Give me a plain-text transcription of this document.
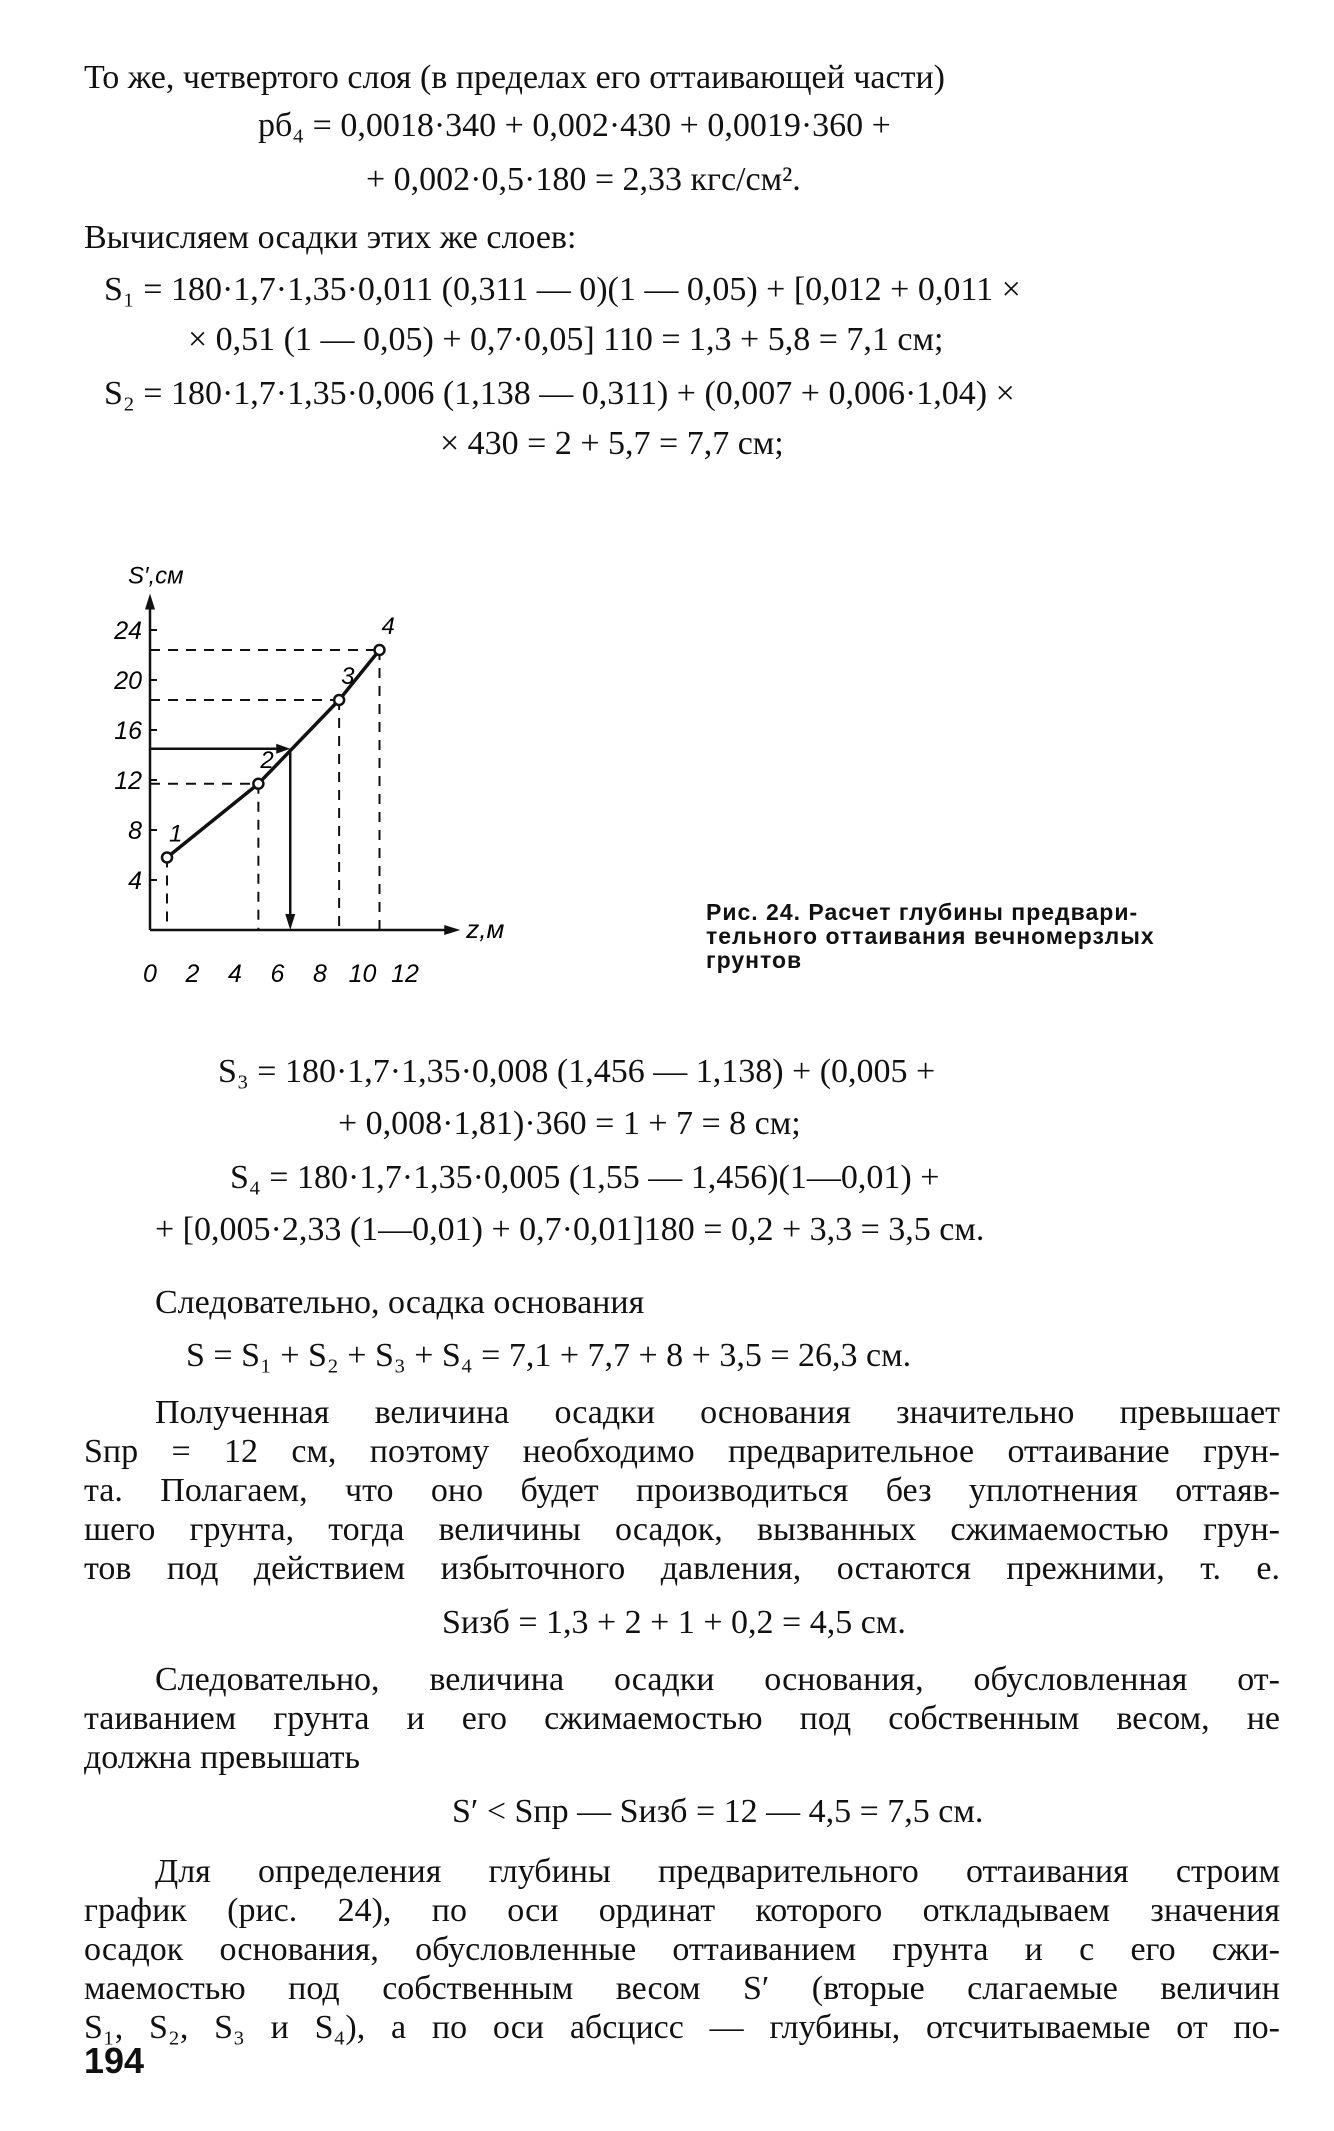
То же, четвертого слоя (в пределах его оттаивающей части)
pб₄ = 0,0018·340 + 0,002·430 + 0,0019·360 +
+ 0,002·0,5·180 = 2,33 кгс/см².
Вычисляем осадки этих же слоев:
S₁ = 180·1,7·1,35·0,011 (0,311 — 0)(1 — 0,05) + [0,012 + 0,011 ×
× 0,51 (1 — 0,05) + 0,7·0,05] 110 = 1,3 + 5,8 = 7,1 см;
S₂ = 180·1,7·1,35·0,006 (1,138 — 0,311) + (0,007 + 0,006·1,04) ×
× 430 = 2 + 5,7 = 7,7 см;
S′,см
z,м
4
8
12
16
20
24
0 2 4 6 8 10 12
1
2
3
4
Рис. 24. Расчет глубины предвари-
тельного оттаивания вечномерзлых
грунтов
S₃ = 180·1,7·1,35·0,008 (1,456 — 1,138) + (0,005 +
+ 0,008·1,81)·360 = 1 + 7 = 8 см;
S₄ = 180·1,7·1,35·0,005 (1,55 — 1,456)(1—0,01) +
+ [0,005·2,33 (1—0,01) + 0,7·0,01]180 = 0,2 + 3,3 = 3,5 см.
Следовательно, осадка основания
S = S₁ + S₂ + S₃ + S₄ = 7,1 + 7,7 + 8 + 3,5 = 26,3 см.
Полученная величина осадки основания значительно превышает
Sпр = 12 см, поэтому необходимо предварительное оттаивание грун-
та. Полагаем, что оно будет производиться без уплотнения оттаяв-
шего грунта, тогда величины осадок, вызванных сжимаемостью грун-
тов под действием избыточного давления, остаются прежними, т. е.
Sизб = 1,3 + 2 + 1 + 0,2 = 4,5 см.
Следовательно, величина осадки основания, обусловленная от-
таиванием грунта и его сжимаемостью под собственным весом, не
должна превышать
S′ < Sпр — Sизб = 12 — 4,5 = 7,5 см.
Для определения глубины предварительного оттаивания строим
график (рис. 24), по оси ординат которого откладываем значения
осадок основания, обусловленные оттаиванием грунта и с его сжи-
маемостью под собственным весом S′ (вторые слагаемые величин
S₁, S₂, S₃ и S₄), а по оси абсцисс — глубины, отсчитываемые от по-
194
